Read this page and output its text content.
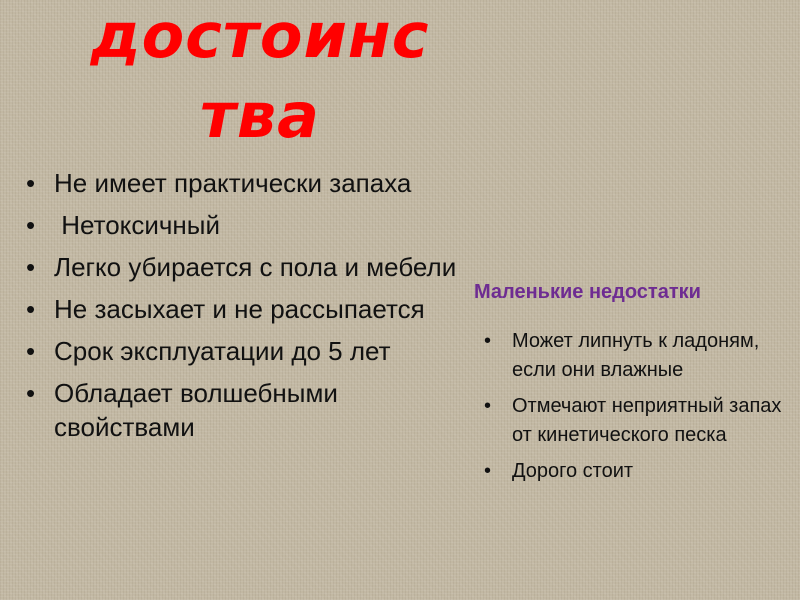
достоинс
тва
• Не имеет практически запаха
• Нетоксичный
• Легко убирается с пола и мебели
• Не засыхает и не рассыпается
• Срок эксплуатации до 5 лет
• Обладает волшебными свойствами
Маленькие недостатки
• Может липнуть к ладоням, если они влажные
• Отмечают неприятный запах от кинетического песка
• Дорого стоит
